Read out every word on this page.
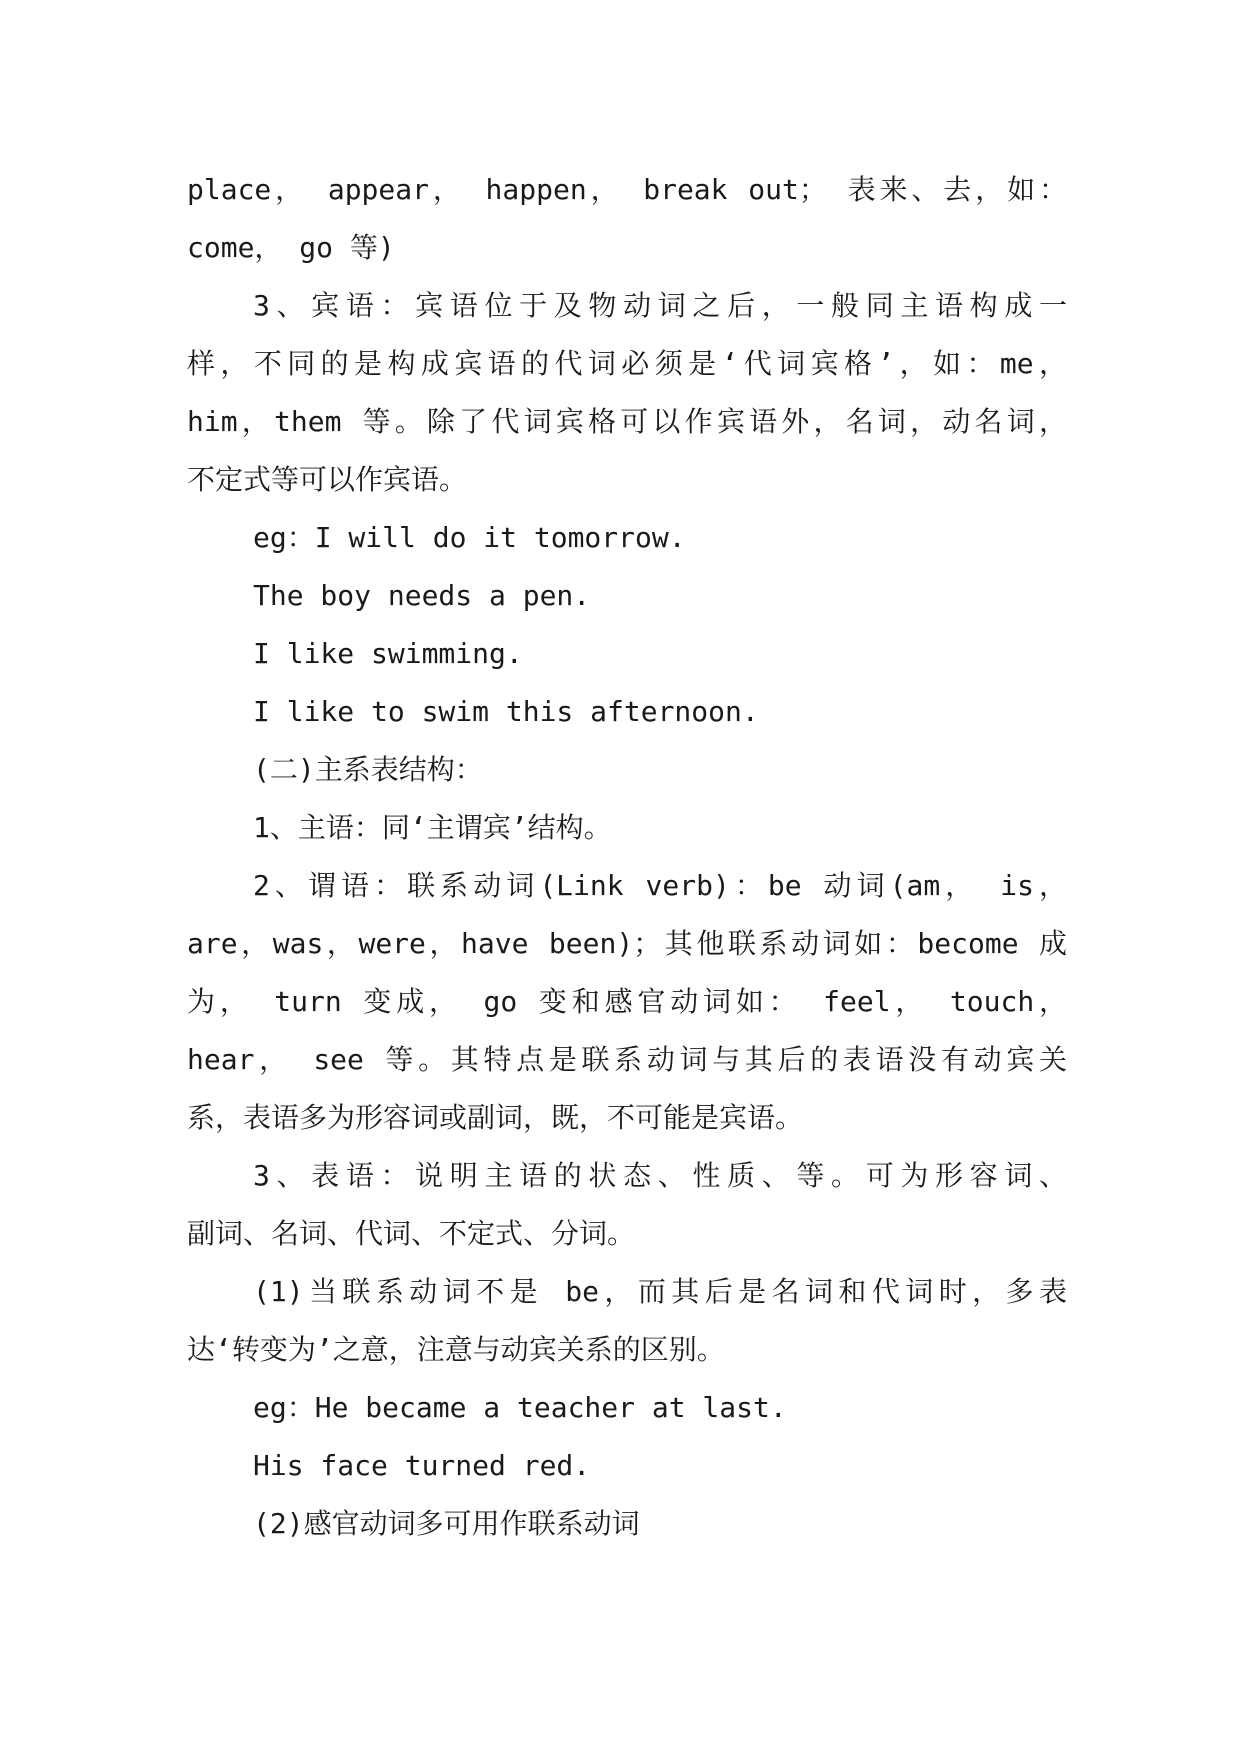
place， appear， happen， break out； 表来、去，如：
come， go 等)
3、宾语：宾语位于及物动词之后，一般同主语构成一
样，不同的是构成宾语的代词必须是‘代词宾格’，如：me，
him，them 等。除了代词宾格可以作宾语外，名词，动名词，
不定式等可以作宾语。
eg：I will do it tomorrow.
The boy needs a pen.
I like swimming.
I like to swim this afternoon.
(二)主系表结构：
1、主语：同‘主谓宾’结构。
2、谓语：联系动词(Link verb)：be 动词(am， is，
are，was，were，have been)；其他联系动词如：become 成
为， turn 变成， go 变和感官动词如： feel， touch，
hear， see 等。其特点是联系动词与其后的表语没有动宾关
系，表语多为形容词或副词，既，不可能是宾语。
3、表语：说明主语的状态、性质、等。可为形容词、
副词、名词、代词、不定式、分词。
(1)当联系动词不是 be，而其后是名词和代词时，多表
达‘转变为’之意，注意与动宾关系的区别。
eg：He became a teacher at last.
His face turned red.
(2)感官动词多可用作联系动词
